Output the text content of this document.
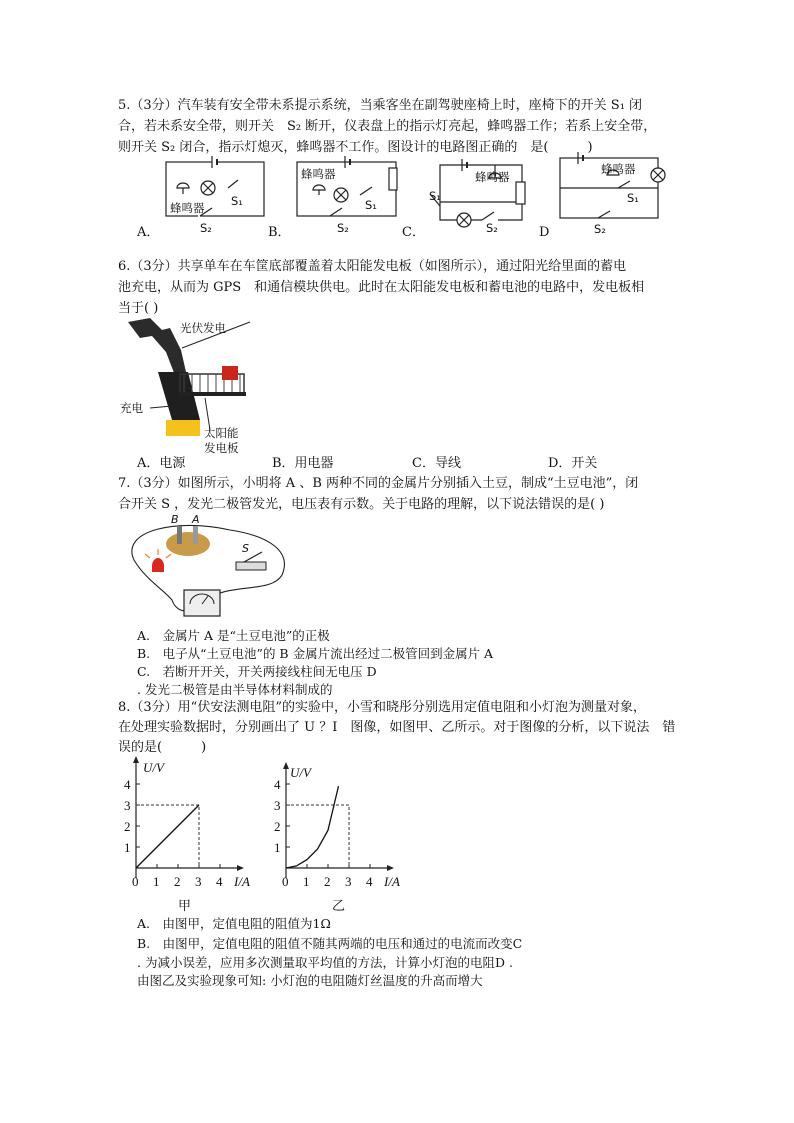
5.（3分）汽车装有安全带未系提示系统，当乘客坐在副驾驶座椅上时，座椅下的开关 S₁ 闭
合，若未系安全带，则开关　S₂ 断开，仪表盘上的指示灯亮起，蜂鸣器工作；若系上安全带，
则开关 S₂ 闭合，指示灯熄灭，蜂鸣器不工作。图设计的电路图正确的　是(　　　)
蜂鸣器 S₁
S₂
蜂鸣器
S₁
S₂
蜂鸣器
S₁
S₂
蜂鸣器
S₁
S₂
A．	B．	C．	D
6.（3分）共享单车在车筐底部覆盖着太阳能发电板（如图所示），通过阳光给里面的蓄电
池充电，从而为 GPS　和通信模块供电。此时在太阳能发电板和蓄电池的电路中，发电板相
当于( )
光伏发电
充电
太阳能
发电板
A．电源	B．用电器	C．导线	D．开关
7.（3分）如图所示，小明将 A 、B 两种不同的金属片分别插入土豆，制成“土豆电池”，闭
合开关 S ，发光二极管发光，电压表有示数。关于电路的理解，以下说法错误的是( )
B A
S
A.　金属片 A 是“土豆电池”的正极
B.　电子从“土豆电池”的 B 金属片流出经过二极管回到金属片 A
C.　若断开开关，开关两接线柱间无电压 D
. 发光二极管是由半导体材料制成的
8.（3分）用“伏安法测电阻”的实验中，小雪和晓彤分别选用定值电阻和小灯泡为测量对象，
在处理实验数据时，分别画出了 U ？I　图像，如图甲、乙所示。对于图像的分析，以下说法　错
误的是(　　　)
1
2
3
4
1 2 3 4
U/V
I/A
0
甲
1
2
3
4
1 2 3 4
U/V
I/A
0
乙
A.　由图甲，定值电阻的阻值为1Ω
B.　由图甲，定值电阻的阻值不随其两端的电压和通过的电流而改变C
. 为减小误差，应用多次测量取平均值的方法，计算小灯泡的电阻D .
由图乙及实验现象可知: 小灯泡的电阻随灯丝温度的升高而增大
